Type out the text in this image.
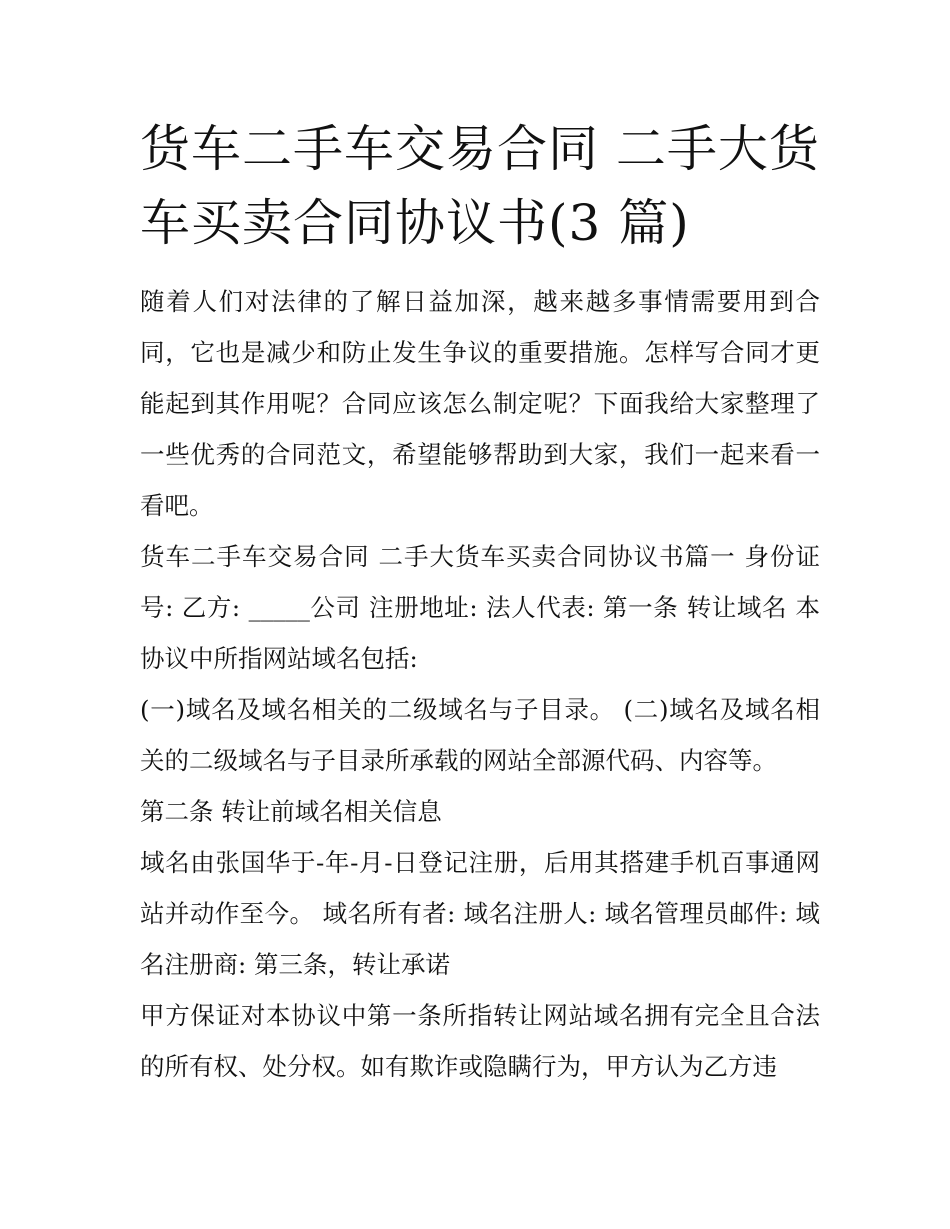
货车二手车交易合同 二手大货车买卖合同协议书(3 篇)

随着人们对法律的了解日益加深，越来越多事情需要用到合同，它也是减少和防止发生争议的重要措施。怎样写合同才更能起到其作用呢？合同应该怎么制定呢？下面我给大家整理了一些优秀的合同范文，希望能够帮助到大家，我们一起来看一看吧。

货车二手车交易合同 二手大货车买卖合同协议书篇一 身份证号: 乙方: _____公司 注册地址: 法人代表: 第一条 转让域名 本协议中所指网站域名包括:

(一)域名及域名相关的二级域名与子目录。 (二)域名及域名相关的二级域名与子目录所承载的网站全部源代码、内容等。

第二条 转让前域名相关信息

域名由张国华于-年-月-日登记注册，后用其搭建手机百事通网站并动作至今。 域名所有者: 域名注册人: 域名管理员邮件: 域名注册商: 第三条，转让承诺

甲方保证对本协议中第一条所指转让网站域名拥有完全且合法的所有权、处分权。如有欺诈或隐瞒行为，甲方认为乙方违
